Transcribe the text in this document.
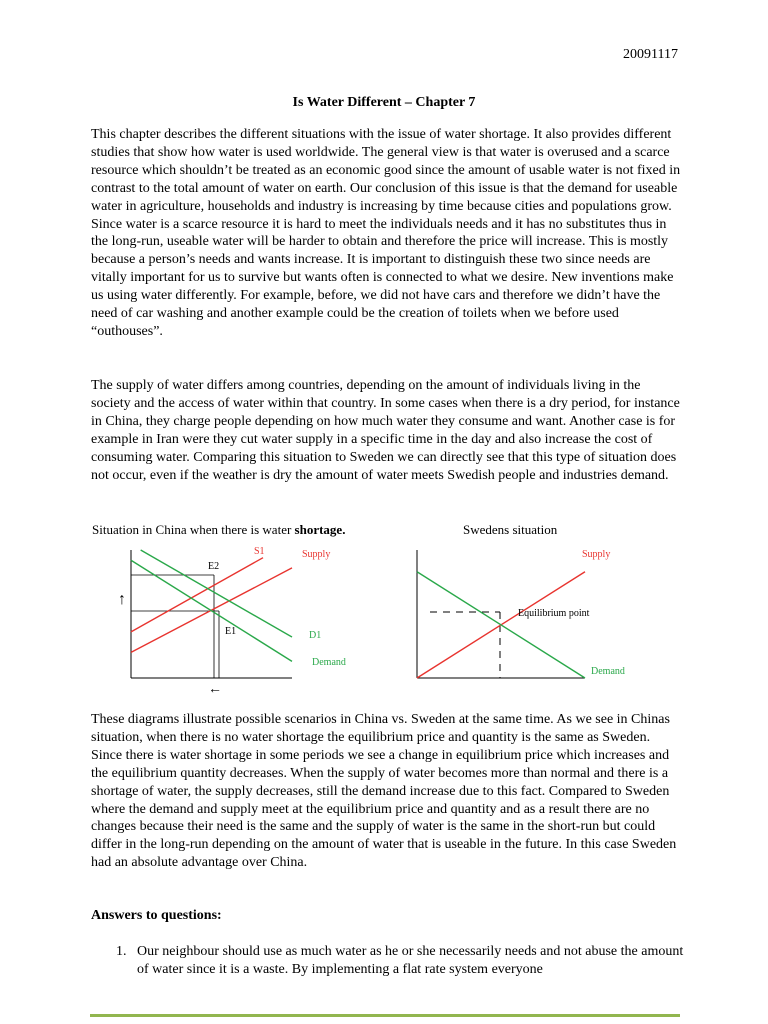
20091117
Is Water Different – Chapter 7

This chapter describes the different situations with the issue of water shortage. It also provides different studies that show how water is used worldwide. The general view is that water is overused and a scarce resource which shouldn’t be treated as an economic good since the amount of usable water is not fixed in contrast to the total amount of water on earth. Our conclusion of this issue is that the demand for useable water in agriculture, households and industry is increasing by time because cities and populations grow. Since water is a scarce resource it is hard to meet the individuals needs and it has no substitutes thus in the long-run, useable water will be harder to obtain and therefore the price will increase. This is mostly because a person’s needs and wants increase. It is important to distinguish these two since needs are vitally important for us to survive but wants often is connected to what we desire. New inventions make us using water differently. For example, before, we did not have cars and therefore we didn’t have the need of car washing and another example could be the creation of toilets when we before used “outhouses”.

The supply of water differs among countries, depending on the amount of individuals living in the society and the access of water within that country. In some cases when there is a dry period, for instance in China, they charge people depending on how much water they consume and want. Another case is for example in Iran were they cut water supply in a specific time in the day and also increase the cost of consuming water. Comparing this situation to Sweden we can directly see that this type of situation does not occur, even if the weather is dry the amount of water meets Swedish people and industries demand.

Situation in China when there is water shortage.	Swedens situation
Supply
S1
Demand
D1
E2
E1
↑
←
Supply
Demand
Equilibrium point

These diagrams illustrate possible scenarios in China vs. Sweden at the same time. As we see in Chinas situation, when there is no water shortage the equilibrium price and quantity is the same as Sweden. Since there is water shortage in some periods we see a change in equilibrium price which increases and the equilibrium quantity decreases. When the supply of water becomes more than normal and there is a shortage of water, the supply decreases, still the demand increase due to this fact. Compared to Sweden where the demand and supply meet at the equilibrium price and quantity and as a result there are no changes because their need is the same and the supply of water is the same in the short-run but could differ in the long-run depending on the amount of water that is useable in the future. In this case Sweden had an absolute advantage over China.

Answers to questions:
1. Our neighbour should use as much water as he or she necessarily needs and not abuse the amount of water since it is a waste. By implementing a flat rate system everyone
